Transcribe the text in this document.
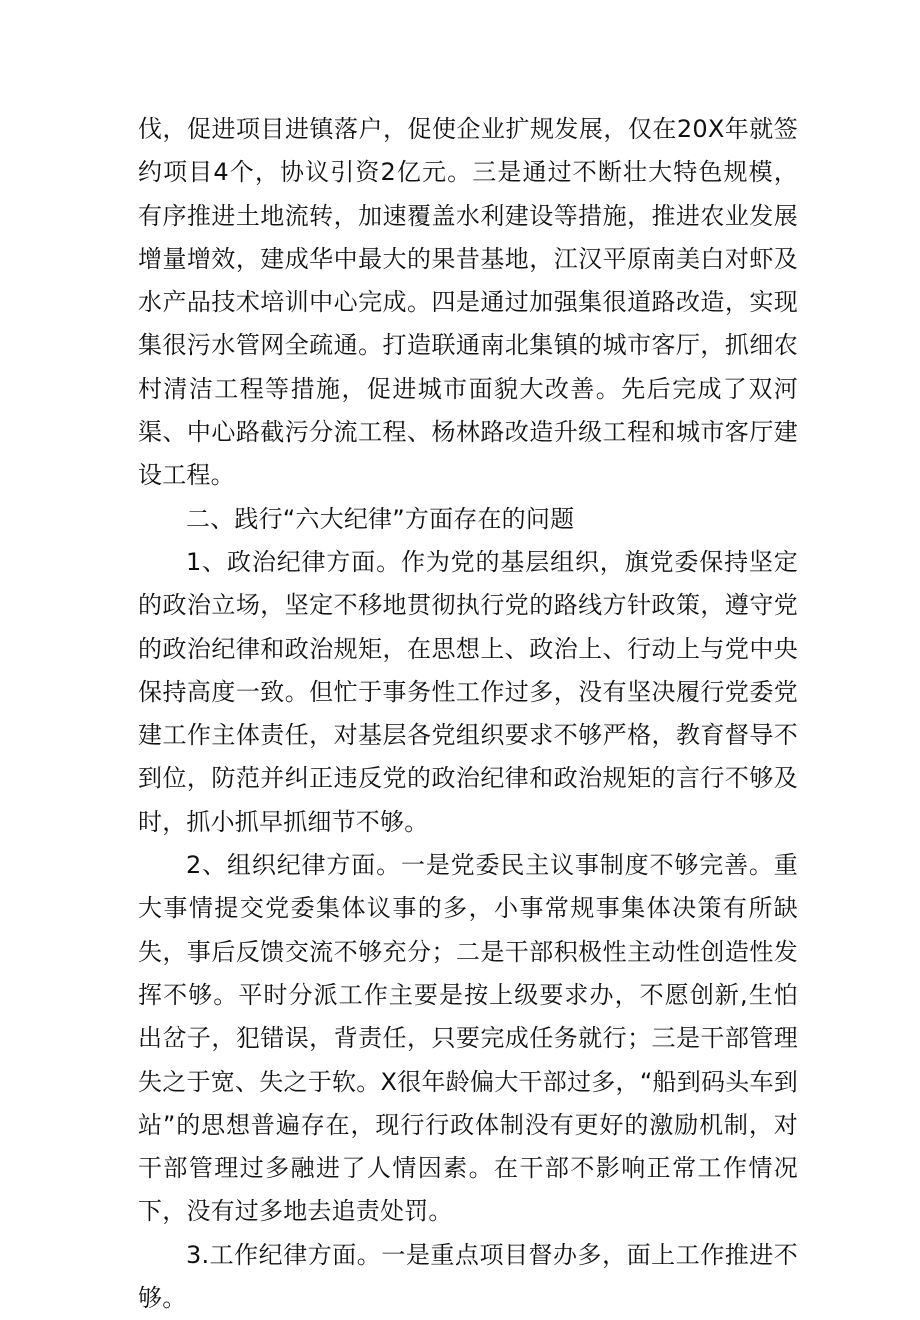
伐，促进项目进镇落户，促使企业扩规发展，仅在20X年就签约项目4个，协议引资2亿元。三是通过不断壮大特色规模，有序推进土地流转，加速覆盖水利建设等措施，推进农业发展增量增效，建成华中最大的果昔基地，江汉平原南美白对虾及水产品技术培训中心完成。四是通过加强集很道路改造，实现集很污水管网全疏通。打造联通南北集镇的城市客厅，抓细农村清洁工程等措施，促进城市面貌大改善。先后完成了双河渠、中心路截污分流工程、杨林路改造升级工程和城市客厅建设工程。

二、践行“六大纪律”方面存在的问题

1、政治纪律方面。作为党的基层组织，旗党委保持坚定的政治立场，坚定不移地贯彻执行党的路线方针政策，遵守党的政治纪律和政治规矩，在思想上、政治上、行动上与党中央保持高度一致。但忙于事务性工作过多，没有坚决履行党委党建工作主体责任，对基层各党组织要求不够严格，教育督导不到位，防范并纠正违反党的政治纪律和政治规矩的言行不够及时，抓小抓早抓细节不够。

2、组织纪律方面。一是党委民主议事制度不够完善。重大事情提交党委集体议事的多，小事常规事集体决策有所缺失，事后反馈交流不够充分；二是干部积极性主动性创造性发挥不够。平时分派工作主要是按上级要求办，不愿创新,生怕出岔子，犯错误，背责任，只要完成任务就行；三是干部管理失之于宽、失之于软。X很年龄偏大干部过多，“船到码头车到站”的思想普遍存在，现行行政体制没有更好的激励机制，对干部管理过多融进了人情因素。在干部不影响正常工作情况下，没有过多地去追责处罚。

3.工作纪律方面。一是重点项目督办多，面上工作推进不够。
